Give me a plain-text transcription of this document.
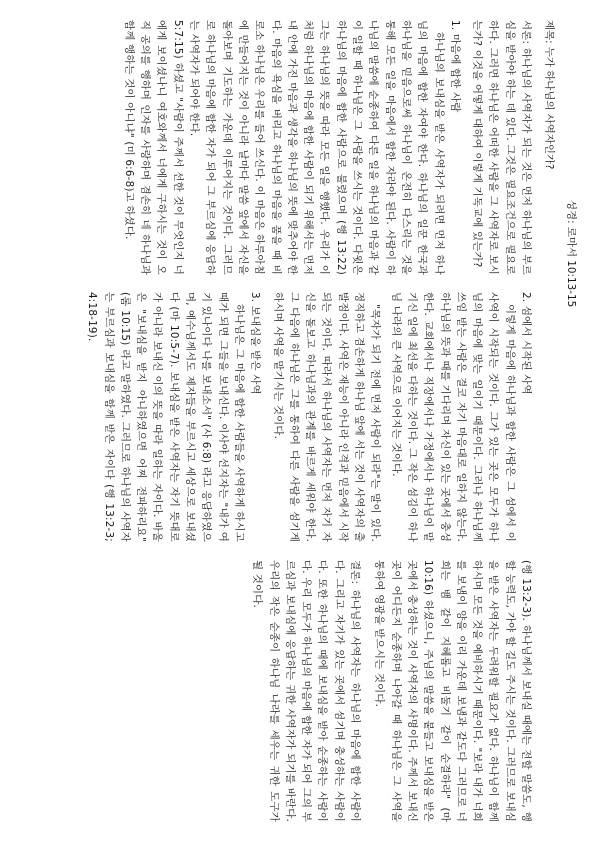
성경: 로마서 10:13-15
제목: 누가 하나님의 사역자인가?

서론: 하나님의 사역자가 되는 것은 먼저 하나님의 부르심을 받아야 하는 데 있다. 그것은 필요조건으로 필요로 하다. 그러면 하나님은 어떠한 사람을 그 사역자로 보시는가? 이것을 어떻게 대하여 이렇게 기독교에 있는가?

1. 마음에 합한 사람

하나님의 보내심을 받은 사역자가 되려면 먼저 하나님의 마음에 합한 자여야 한다. 하나님의 일꾼 한국과 하나님을 믿음으로써 하나님이 온전히 다스리는 것을 통해 모든 일을 마음에서 합한 자라야 된다. 사람이 하나님의 말씀에 순종하여 다른 일을 하나님의 마음과 같이 일할 때 하나님은 그 사람을 쓰시는 것이다. 다윗은 하나님의 마음에 합한 사람으로 불렸으며 (행 13:22) 그는 하나님의 뜻을 따라 모든 일을 행했다. 우리가 이처럼 하나님의 마음에 합한 사람이 되기 위해서는 먼저 내 안에 가진 마음과 생각을 하나님의 뜻에 맞추어야 한다. 마음의 욕심을 버리고 하나님의 마음을 품을 때 비로소 하나님은 우리를 들어 쓰신다. 이 마음은 하루아침에 만들어지는 것이 아니라 날마다 말씀 앞에서 자신을 돌아보며 기도하는 가운데 이루어지는 것이다. 그러므로 하나님의 마음에 합한 자가 되어 그 부르심에 응답하는 사역자가 되어야 한다.

5:7:15) 하셨고 "사람이 주께서 선한 것이 무엇인지 너에게 보이셨나니 여호와께서 너에게 구하시는 것이 오직 공의를 행하며 인자를 사랑하며 겸손히 네 하나님과 함께 행하는 것이 아니냐" (미 6:6-8)고 하셨다.

2. 섬에서 시작된 사역

이렇게 마음에 하나님과 합한 사람은 그 섬에서 이 사역이 시작되는 것이다. 그가 있는 곳은 모두가 하나님의 마음에 맞는 일이기 때문이다. 그러나 하나님께 쓰임 받는 사람은 결코 자기 마음대로 일하지 않는다. 하나님의 뜻과 때를 기다리며 자신이 있는 곳에서 충성한다. 교회에서나 직장에서나 가정에서나 하나님이 맡기신 일에 최선을 다하는 것이다. 그 작은 섬김이 하나님 나라의 큰 사역으로 이어지는 것이다.

"목자가 되기 전에 먼저 사람이 되라"는 말이 있다. 정직하고 겸손하게 하나님 앞에 서는 것이 사역자의 출발점이다. 사역은 재능이 아니라 인격과 믿음에서 시작되는 것이다. 따라서 하나님의 사역자는 먼저 자기 자신을 돌보고 하나님과의 관계를 바르게 세워야 한다. 그 다음에 하나님은 그를 통하여 다른 사람을 섬기게 하시며 사역을 맡기시는 것이다.

3. 보내심을 받은 사역

하나님은 그 마음에 합한 사람들을 사역하게 하시고 때가 되면 그들을 보내신다. 이사야 선지자는 "내가 여기 있나이다 나를 보내소서" (사 6:8) 라고 응답하였으며, 예수님께서도 제자들을 부르시고 세상으로 보내셨다 (마 10:5-7). 보내심을 받은 사역자는 자기 뜻대로가 아니라 보내신 이의 뜻을 따라 일하는 자이다. 바울은 "보내심을 받지 아니하였으면 어찌 전파하리요" (롬 10:15) 라고 말하였다. 그러므로 하나님의 사역자는 부르심과 보내심을 함께 받은 자이다 (행 13:2-3; 4:18-19).

(행 13:2-3). 하나님께서 보내실 때에는 전할 말씀도, 행할 능력도, 가야 할 길도 주시는 것이다. 그러므로 보내심을 받은 사역자는 두려워할 필요가 없다. 하나님이 함께 하시며 모든 것을 예비하시기 때문이다. "보라 내가 너희를 보냄이 양을 이리 가운데 보냄과 같도다 그러므로 너희는 뱀 같이 지혜롭고 비둘기 같이 순결하라" (마 10:16) 하셨으니, 주님의 말씀을 붙들고 보내심을 받은 곳에서 충성하는 것이 사역자의 사명이다. 주께서 보내신 곳이 어디든지 순종하며 나아갈 때 하나님은 그 사역을 통하여 영광을 받으시는 것이다.

결론: 하나님의 사역자는 하나님의 마음에 합한 사람이다. 그리고 자기가 있는 곳에서 섬기며 충성하는 사람이다. 또한 하나님의 때에 보내심을 받아 순종하는 사람이다. 우리 모두가 하나님의 마음에 합한 자가 되어 그의 부르심과 보내심에 응답하는 귀한 사역자가 되기를 바란다. 우리의 작은 순종이 하나님 나라를 세우는 귀한 도구가 될 것이다.
